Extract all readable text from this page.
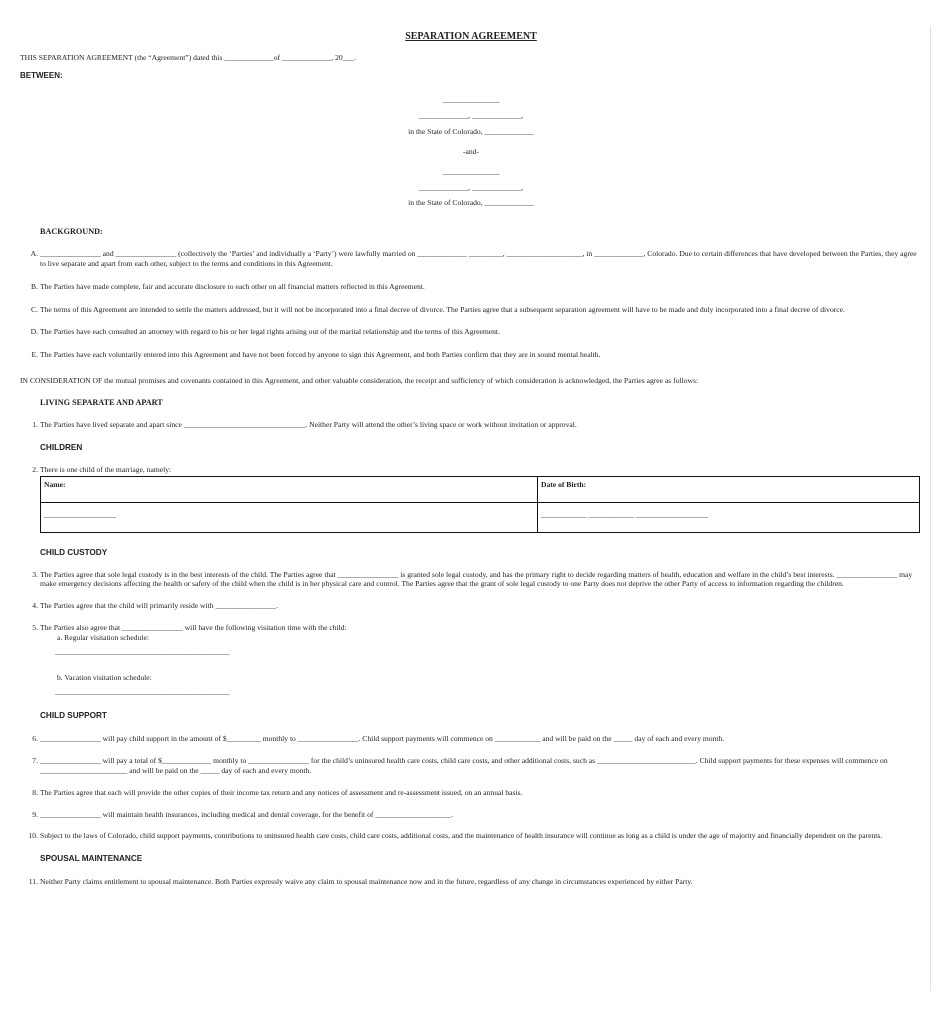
SEPARATION AGREEMENT

THIS SEPARATION AGREEMENT (the “Agreement”) dated this _____________of _____________, 20___.

BETWEEN:
_______________
_____________, _____________,
in the State of Colorado, _____________
-and-
_______________
_____________, _____________,
in the State of Colorado, _____________
BACKGROUND:
A. ________________ and ________________ (collectively the ‘Parties’ and individually a ‘Party’) were lawfully married on _____________ _________, ____________________, in _____________, Colorado. Due to certain differences that have developed between the Parties, they agree to live separate and apart from each other, subject to the terms and conditions in this Agreement.
B. The Parties have made complete, fair and accurate disclosure to each other on all financial matters reflected in this Agreement.
C. The terms of this Agreement are intended to settle the matters addressed, but it will not be incorporated into a final decree of divorce. The Parties agree that a subsequent separation agreement will have to be made and duly incorporated into a final decree of divorce.
D. The Parties have each consulted an attorney with regard to his or her legal rights arising out of the marital relationship and the terms of this Agreement.
E. The Parties have each voluntarily entered into this Agreement and have not been forced by anyone to sign this Agreement, and both Parties confirm that they are in sound mental health.

IN CONSIDERATION OF the mutual promises and covenants contained in this Agreement, and other valuable consideration, the receipt and sufficiency of which consideration is acknowledged, the Parties agree as follows:

LIVING SEPARATE AND APART
1. The Parties have lived separate and apart since ________________________________. Neither Party will attend the other’s living space or work without invitation or approval.
CHILDREN
2. There is one child of the marriage, namely:
Name:	Date of Birth:
___________________	____________ ____________ ___________________
CHILD CUSTODY
3. The Parties agree that sole legal custody is in the best interests of the child. The Parties agree that ________________ is granted sole legal custody, and has the primary right to decide regarding matters of health, education and welfare in the child’s best interests. ________________ may make emergency decisions affecting the health or safety of the child when the child is in her physical care and control. The Parties agree that the grant of sole legal custody to one Party does not deprive the other Party of access to information regarding the children.
4. The Parties agree that the child will primarily reside with ________________.
5. The Parties also agree that ________________ will have the following visitation time with the child:
a. Regular visitation schedule:
______________________________________________
b. Vacation visitation schedule:
______________________________________________
CHILD SUPPORT
6. ________________ will pay child support in the amount of $_________ monthly to ________________. Child support payments will commence on ____________ and will be paid on the _____ day of each and every month.
7. ________________ will pay a total of $_____________ monthly to ________________ for the child’s uninsured health care costs, child care costs, and other additional costs, such as __________________________. Child support payments for these expenses will commence on _______________________ and will be paid on the _____ day of each and every month.
8. The Parties agree that each will provide the other copies of their income tax return and any notices of assessment and re-assessment issued, on an annual basis.
9. ________________ will maintain health insurances, including medical and dental coverage, for the benefit of ____________________.
10. Subject to the laws of Colorado, child support payments, contributions to uninsured health care costs, child care costs, additional costs, and the maintenance of health insurance will continue as long as a child is under the age of majority and financially dependent on the parents.
SPOUSAL MAINTENANCE
11. Neither Party claims entitlement to spousal maintenance. Both Parties expressly waive any claim to spousal maintenance now and in the future, regardless of any change in circumstances experienced by either Party.
